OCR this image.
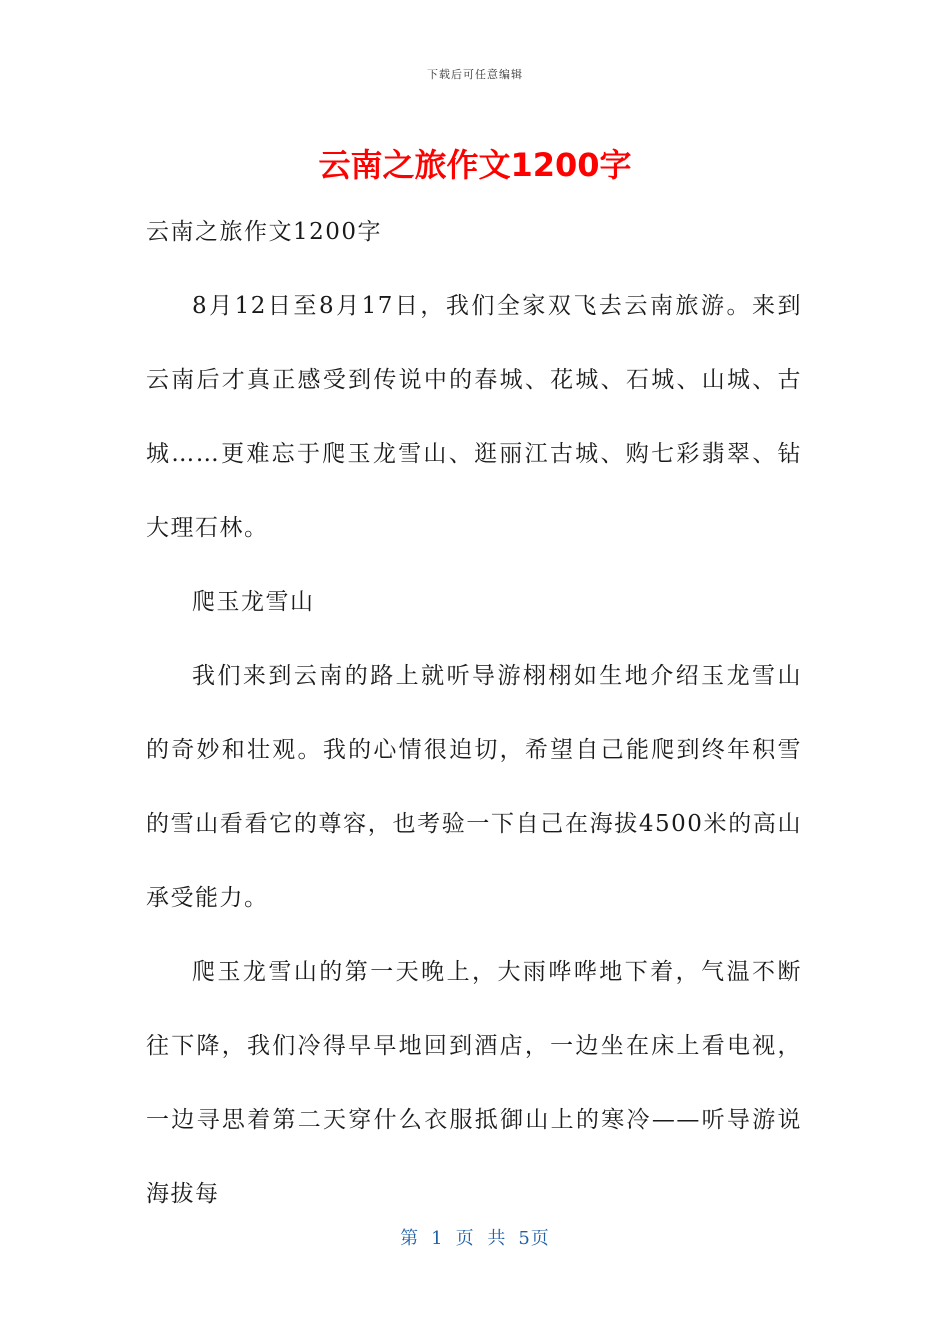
下载后可任意编辑
云南之旅作文1200字

云南之旅作文1200字

8月12日至8月17日，我们全家双飞去云南旅游。来到云南后才真正感受到传说中的春城、花城、石城、山城、古城……更难忘于爬玉龙雪山、逛丽江古城、购七彩翡翠、钻大理石林。

爬玉龙雪山

我们来到云南的路上就听导游栩栩如生地介绍玉龙雪山的奇妙和壮观。我的心情很迫切，希望自己能爬到终年积雪的雪山看看它的尊容，也考验一下自己在海拔4500米的高山承受能力。

爬玉龙雪山的第一天晚上，大雨哗哗地下着，气温不断往下降，我们冷得早早地回到酒店，一边坐在床上看电视，一边寻思着第二天穿什么衣服抵御山上的寒冷——听导游说海拔每

第 1 页 共 5页
